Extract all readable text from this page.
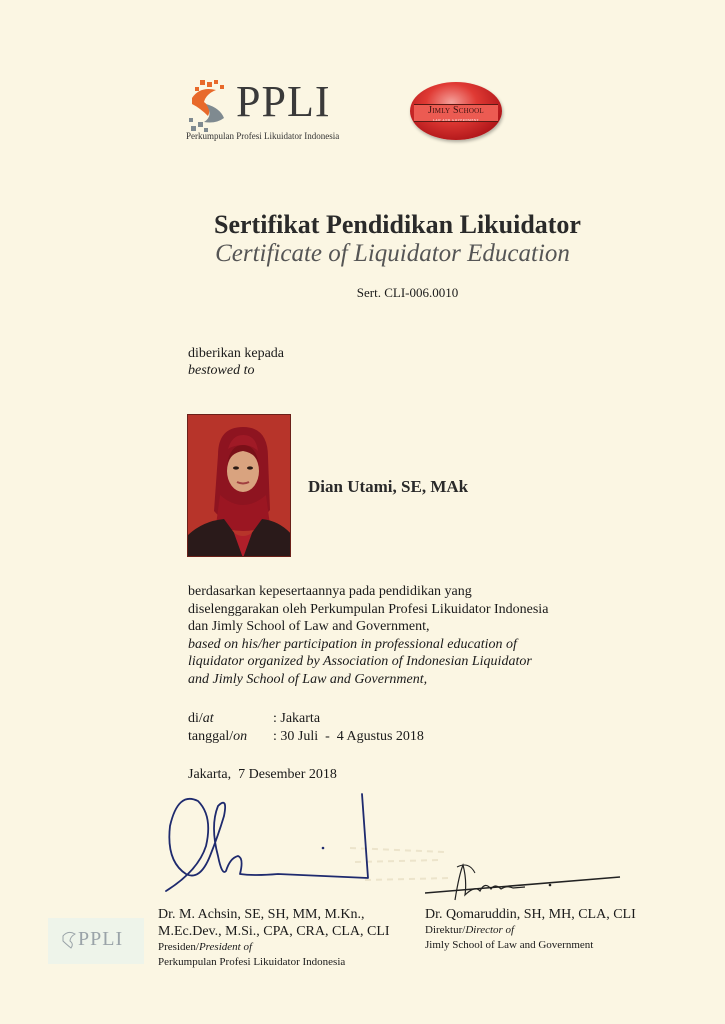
PPLI
Perkumpulan Profesi Likuidator Indonesia
Jimly School
LAW AND GOVERNMENT
Sertifikat Pendidikan Likuidator
Certificate of Liquidator Education
Sert. CLI-006.0010
diberikan kepada
bestowed to
Dian Utami, SE, MAk
berdasarkan kepesertaannya pada pendidikan yang
diselenggarakan oleh Perkumpulan Profesi Likuidator Indonesia
dan Jimly School of Law and Government,
based on his/her participation in professional education of
liquidator organized by Association of Indonesian Liquidator
and Jimly School of Law and Government,
di/at	: Jakarta
tanggal/on : 30 Juli  -  4 Agustus 2018
Jakarta,  7 Desember 2018
PPLI
Dr. M. Achsin, SE, SH, MM, M.Kn.,
M.Ec.Dev., M.Si., CPA, CRA, CLA, CLI
Presiden/President of
Perkumpulan Profesi Likuidator Indonesia
Dr. Qomaruddin, SH, MH, CLA, CLI
Direktur/Director of
Jimly School of Law and Government
